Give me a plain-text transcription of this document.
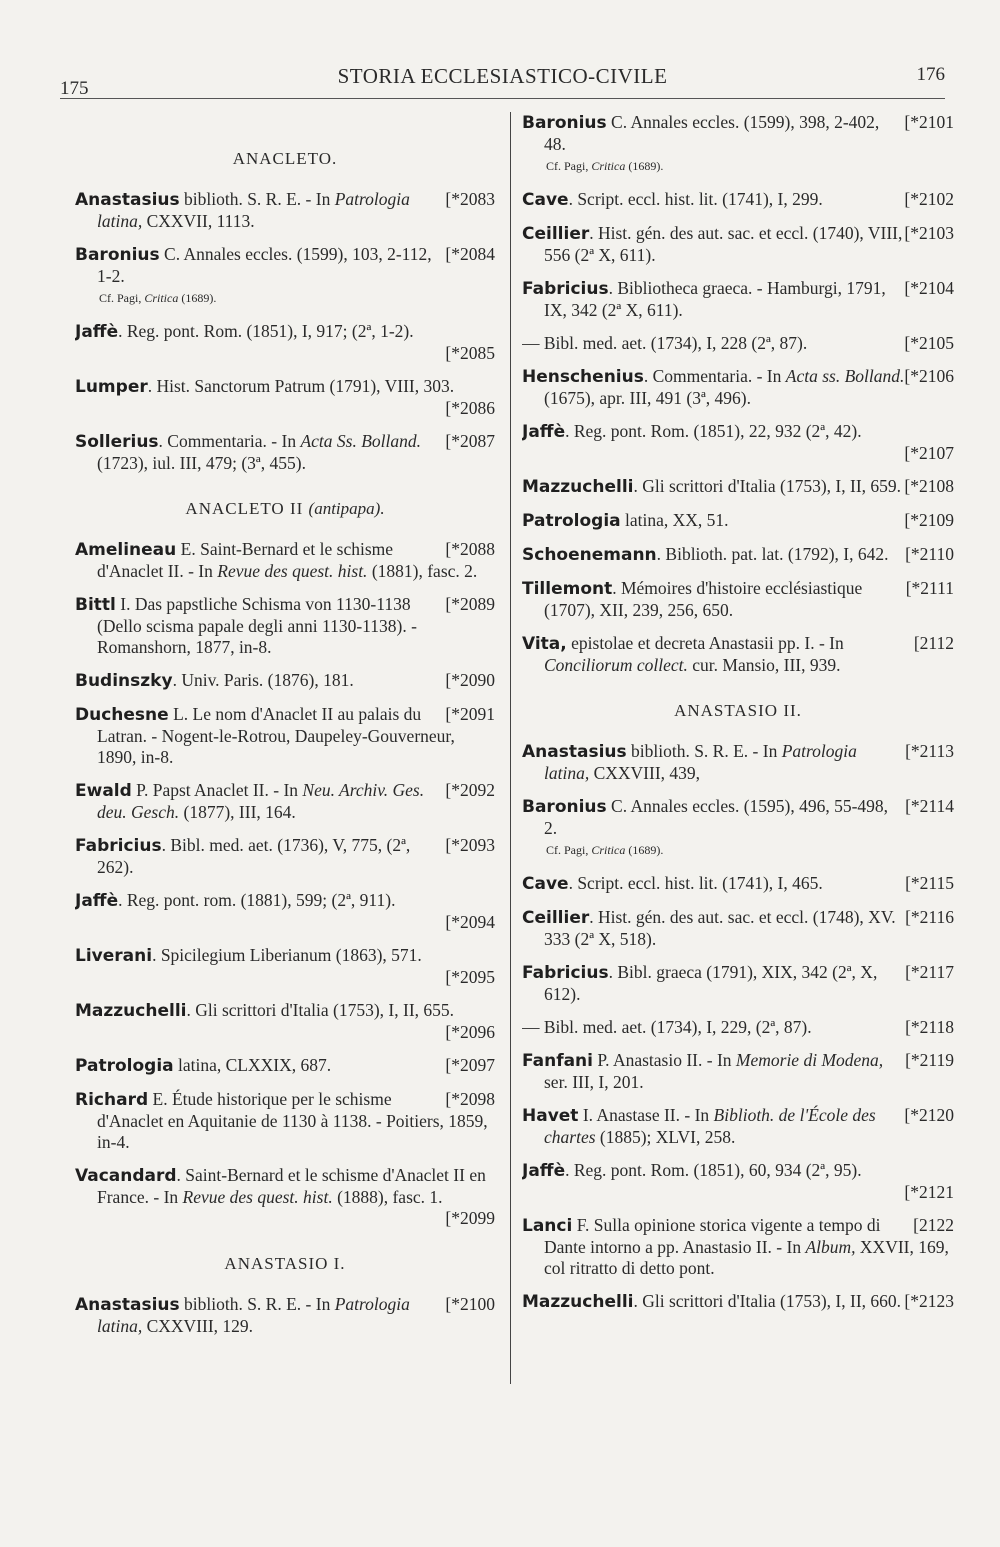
175
STORIA ECCLESIASTICO-CIVILE	176
ANACLETO.
[*2083
Anastasius biblioth. S. R. E. - In Patrologia latina, CXXVII, 1113.
[*2084
Baronius C. Annales eccles. (1599), 103, 2-112, 1-2.
Cf. Pagi, Critica (1689).
Jaffè. Reg. pont. Rom. (1851), I, 917; (2ª, 1-2).
[*2085
Lumper. Hist. Sanctorum Patrum (1791), VIII, 303.
[*2086
[*2087
Sollerius. Commentaria. - In Acta Ss. Bolland. (1723), iul. III, 479; (3ª, 455).
ANACLETO II (antipapa).
[*2088
Amelineau E. Saint-Bernard et le schisme d'Anaclet II. - In Revue des quest. hist. (1881), fasc. 2.
[*2089
Bittl I. Das papstliche Schisma von 1130-1138 (Dello scisma papale degli anni 1130-1138). - Romanshorn, 1877, in-8.
[*2090
Budinszky. Univ. Paris. (1876), 181.
[*2091
Duchesne L. Le nom d'Anaclet II au palais du Latran. - Nogent-le-Rotrou, Daupeley-Gouverneur, 1890, in-8.
[*2092
Ewald P. Papst Anaclet II. - In Neu. Archiv. Ges. deu. Gesch. (1877), III, 164.
[*2093
Fabricius. Bibl. med. aet. (1736), V, 775, (2ª, 262).
Jaffè. Reg. pont. rom. (1881), 599; (2ª, 911).
[*2094
Liverani. Spicilegium Liberianum (1863), 571.
[*2095
Mazzuchelli. Gli scrittori d'Italia (1753), I, II, 655.
[*2096
[*2097
Patrologia latina, CLXXIX, 687.
[*2098
Richard E. Étude historique per le schisme d'Anaclet en Aquitanie de 1130 à 1138. - Poitiers, 1859, in-4.
Vacandard. Saint-Bernard et le schisme d'Anaclet II en France. - In Revue des quest. hist. (1888), fasc. 1.
[*2099
ANASTASIO I.
[*2100
Anastasius biblioth. S. R. E. - In Patrologia latina, CXXVIII, 129.
[*2101
Baronius C. Annales eccles. (1599), 398, 2-402, 48.
Cf. Pagi, Critica (1689).
[*2102
Cave. Script. eccl. hist. lit. (1741), I, 299.
[*2103
Ceillier. Hist. gén. des aut. sac. et eccl. (1740), VIII, 556 (2ª X, 611).
[*2104
Fabricius. Bibliotheca graeca. - Hamburgi, 1791, IX, 342 (2ª X, 611).
[*2105
— Bibl. med. aet. (1734), I, 228 (2ª, 87).
[*2106
Henschenius. Commentaria. - In Acta ss. Bolland. (1675), apr. III, 491 (3ª, 496).
Jaffè. Reg. pont. Rom. (1851), 22, 932 (2ª, 42).
[*2107
[*2108
Mazzuchelli. Gli scrittori d'Italia (1753), I, II, 659.
[*2109
Patrologia latina, XX, 51.
[*2110
Schoenemann. Biblioth. pat. lat. (1792), I, 642.
[*2111
Tillemont. Mémoires d'histoire ecclésiastique (1707), XII, 239, 256, 650.
[2112
Vita, epistolae et decreta Anastasii pp. I. - In Conciliorum collect. cur. Mansio, III, 939.
ANASTASIO II.
[*2113
Anastasius biblioth. S. R. E. - In Patrologia latina, CXXVIII, 439,
[*2114
Baronius C. Annales eccles. (1595), 496, 55-498, 2.
Cf. Pagi, Critica (1689).
[*2115
Cave. Script. eccl. hist. lit. (1741), I, 465.
[*2116
Ceillier. Hist. gén. des aut. sac. et eccl. (1748), XV. 333 (2ª X, 518).
[*2117
Fabricius. Bibl. graeca (1791), XIX, 342 (2ª, X, 612).
[*2118
— Bibl. med. aet. (1734), I, 229, (2ª, 87).
[*2119
Fanfani P. Anastasio II. - In Memorie di Modena, ser. III, I, 201.
[*2120
Havet I. Anastase II. - In Biblioth. de l'École des chartes (1885); XLVI, 258.
Jaffè. Reg. pont. Rom. (1851), 60, 934 (2ª, 95).
[*2121
[2122
Lanci F. Sulla opinione storica vigente a tempo di Dante intorno a pp. Anastasio II. - In Album, XXVII, 169, col ritratto di detto pont.
[*2123
Mazzuchelli. Gli scrittori d'Italia (1753), I, II, 660.
